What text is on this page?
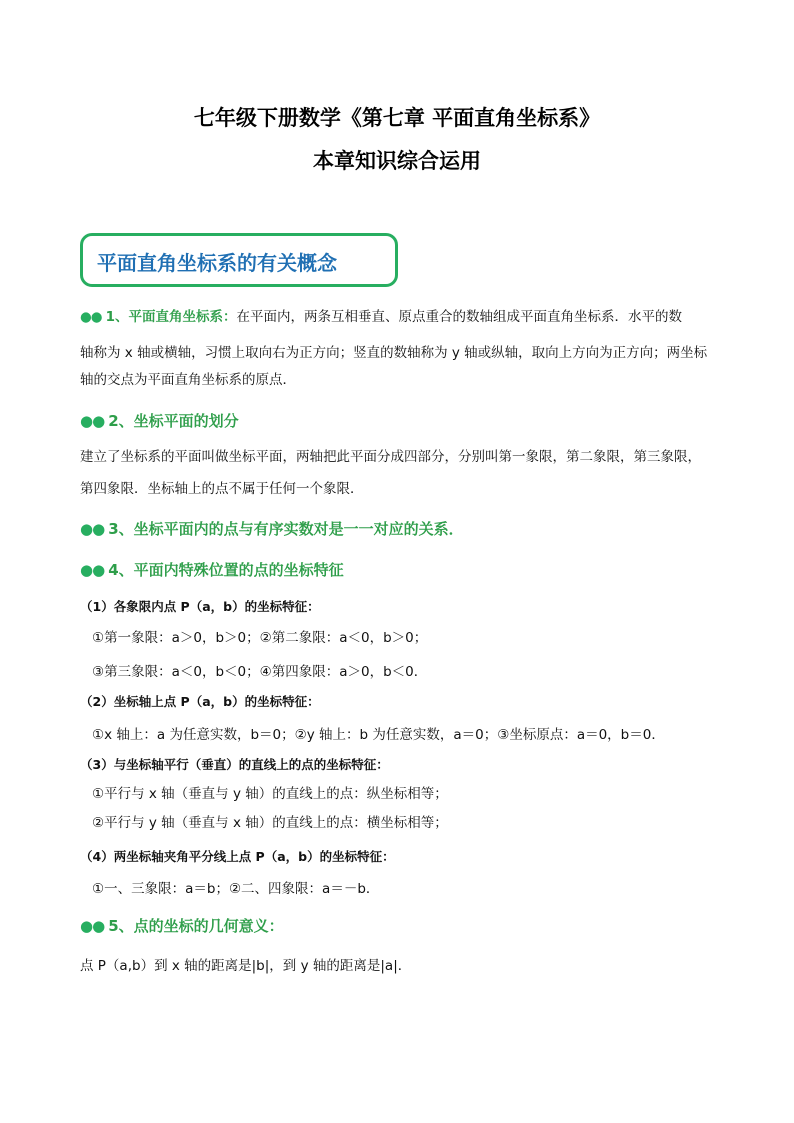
七年级下册数学《第七章 平面直角坐标系》
本章知识综合运用
平面直角坐标系的有关概念
●● 1、平面直角坐标系：在平面内，两条互相垂直、原点重合的数轴组成平面直角坐标系．水平的数
轴称为 x 轴或横轴，习惯上取向右为正方向；竖直的数轴称为 y 轴或纵轴，取向上方向为正方向；两坐标
轴的交点为平面直角坐标系的原点．
●● 2、坐标平面的划分
建立了坐标系的平面叫做坐标平面，两轴把此平面分成四部分，分别叫第一象限，第二象限，第三象限，
第四象限．坐标轴上的点不属于任何一个象限．
●● 3、坐标平面内的点与有序实数对是一一对应的关系．
●● 4、平面内特殊位置的点的坐标特征
（1）各象限内点 P（a，b）的坐标特征：
①第一象限：a＞0，b＞0；②第二象限：a＜0，b＞0；
③第三象限：a＜0，b＜0；④第四象限：a＞0，b＜0．
（2）坐标轴上点 P（a，b）的坐标特征：
①x 轴上：a 为任意实数，b＝0；②y 轴上：b 为任意实数，a＝0；③坐标原点：a＝0，b＝0．
（3）与坐标轴平行（垂直）的直线上的点的坐标特征：
①平行与 x 轴（垂直与 y 轴）的直线上的点：纵坐标相等；
②平行与 y 轴（垂直与 x 轴）的直线上的点：横坐标相等；
（4）两坐标轴夹角平分线上点 P（a，b）的坐标特征：
①一、三象限：a＝b；②二、四象限：a＝－b．
●● 5、点的坐标的几何意义：
点 P（a,b）到 x 轴的距离是|b|，到 y 轴的距离是|a|．
